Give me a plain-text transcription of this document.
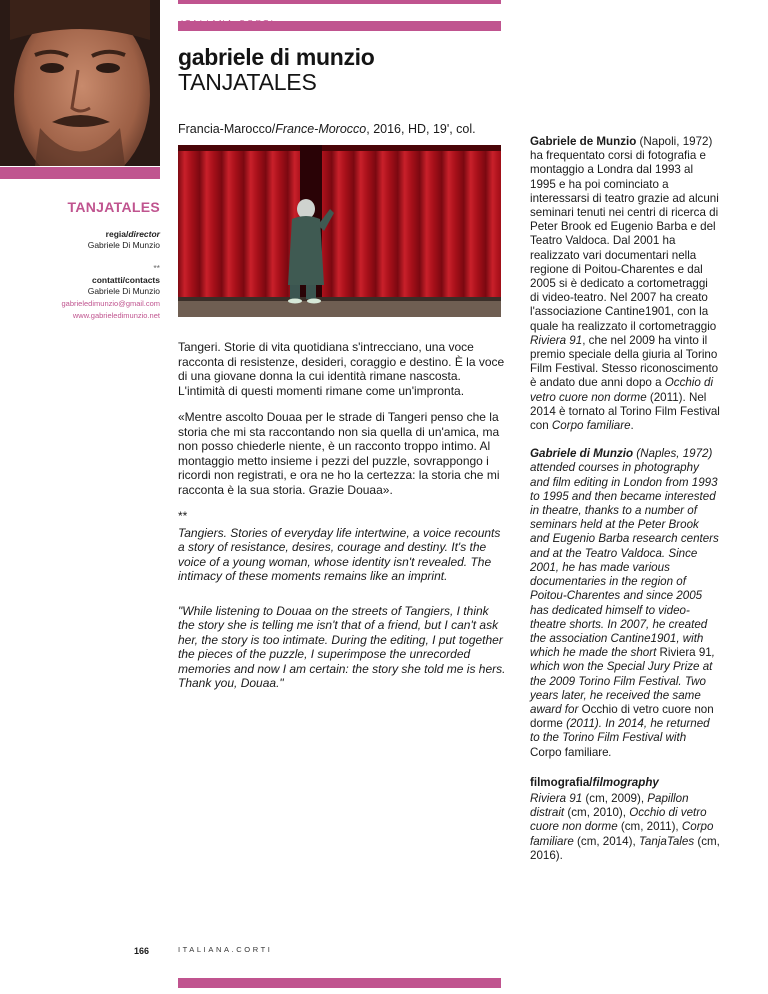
gabriele di munzio
TANJATALES
Francia-Marocco/France-Morocco, 2016, HD, 19', col.
TANJATALES
regia/director
Gabriele Di Munzio
**
contatti/contacts
Gabriele Di Munzio
gabrieledimunzio@gmail.com
www.gabrieledimunzio.net

Tangeri. Storie di vita quotidiana s'intrecciano, una voce racconta di resistenze, desideri, coraggio e destino. È la voce di una giovane donna la cui identità rimane nascosta. L'intimità di questi momenti rimane come un'impronta.

«Mentre ascolto Douaa per le strade di Tangeri penso che la storia che mi sta raccontando non sia quella di un'amica, ma non posso chiederle niente, è un racconto troppo intimo. Al montaggio metto insieme i pezzi del puzzle, sovrappongo i ricordi non registrati, e ora ne ho la certezza: la storia che mi racconta è la sua storia. Grazie Douaa».

**

Tangiers. Stories of everyday life intertwine, a voice recounts a story of resistance, desires, courage and destiny. It's the voice of a young woman, whose identity isn't revealed. The intimacy of these moments remains like an imprint.

"While listening to Douaa on the streets of Tangiers, I think the story she is telling me isn't that of a friend, but I can't ask her, the story is too intimate. During the editing, I put together the pieces of the puzzle, I superimpose the unrecorded memories and now I am certain: the story she told me is hers. Thank you, Douaa."

Gabriele de Munzio (Napoli, 1972) ha frequentato corsi di fotografia e montaggio a Londra dal 1993 al 1995 e ha poi cominciato a interessarsi di teatro grazie ad alcuni seminari tenuti nei centri di ricerca di Peter Brook ed Eugenio Barba e del Teatro Valdoca. Dal 2001 ha realizzato vari documentari nella regione di Poitou-Charentes e dal 2005 si è dedicato a cortometraggi di video-teatro. Nel 2007 ha creato l'associazione Cantine1901, con la quale ha realizzato il cortometraggio Riviera 91, che nel 2009 ha vinto il premio speciale della giuria al Torino Film Festival. Stesso riconoscimento è andato due anni dopo a Occhio di vetro cuore non dorme (2011). Nel 2014 è tornato al Torino Film Festival con Corpo familiare.

Gabriele di Munzio (Naples, 1972) attended courses in photography and film editing in London from 1993 to 1995 and then became interested in theatre, thanks to a number of seminars held at the Peter Brook and Eugenio Barba research centers and at the Teatro Valdoca. Since 2001, he has made various documentaries in the region of Poitou-Charentes and since 2005 has dedicated himself to video-theatre shorts. In 2007, he created the association Cantine1901, with which he made the short Riviera 91, which won the Special Jury Prize at the 2009 Torino Film Festival. Two years later, he received the same award for Occhio di vetro cuore non dorme (2011). In 2014, he returned to the Torino Film Festival with Corpo familiare.

filmografia/filmography

Riviera 91 (cm, 2009), Papillon distrait (cm, 2010), Occhio di vetro cuore non dorme (cm, 2011), Corpo familiare (cm, 2014), TanjaTales (cm, 2016).

166	ITALIANA.CORTI
